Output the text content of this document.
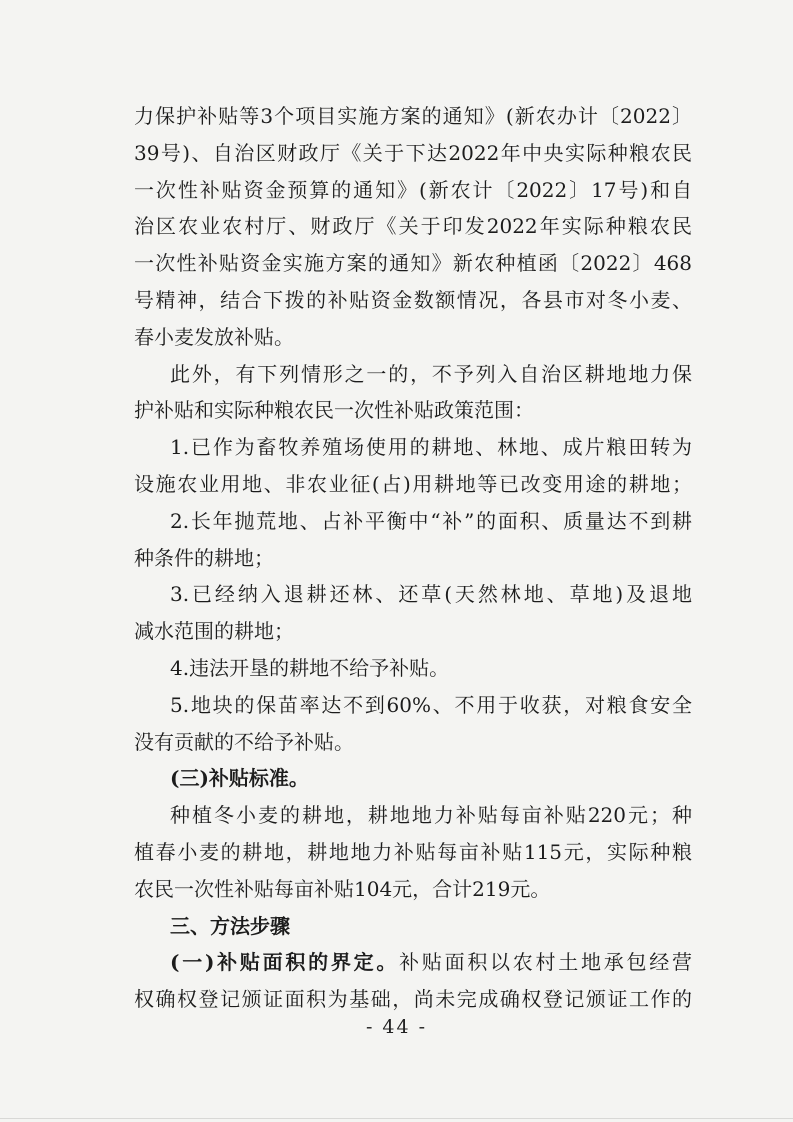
力保护补贴等3个项目实施方案的通知》(新农办计〔2022〕
39号)、自治区财政厅《关于下达2022年中央实际种粮农民
一次性补贴资金预算的通知》(新农计〔2022〕17号)和自
治区农业农村厅、财政厅《关于印发2022年实际种粮农民
一次性补贴资金实施方案的通知》新农种植函〔2022〕468
号精神，结合下拨的补贴资金数额情况，各县市对冬小麦、
春小麦发放补贴。
此外，有下列情形之一的，不予列入自治区耕地地力保
护补贴和实际种粮农民一次性补贴政策范围：
1.已作为畜牧养殖场使用的耕地、林地、成片粮田转为
设施农业用地、非农业征(占)用耕地等已改变用途的耕地；
2.长年抛荒地、占补平衡中“补”的面积、质量达不到耕
种条件的耕地；
3.已经纳入退耕还林、还草(天然林地、草地)及退地
减水范围的耕地；
4.违法开垦的耕地不给予补贴。
5.地块的保苗率达不到60%、不用于收获，对粮食安全
没有贡献的不给予补贴。
(三)补贴标准。
种植冬小麦的耕地，耕地地力补贴每亩补贴220元；种
植春小麦的耕地，耕地地力补贴每亩补贴115元，实际种粮
农民一次性补贴每亩补贴104元，合计219元。
三、方法步骤
(一)补贴面积的界定。补贴面积以农村土地承包经营
权确权登记颁证面积为基础，尚未完成确权登记颁证工作的
- 44 -
